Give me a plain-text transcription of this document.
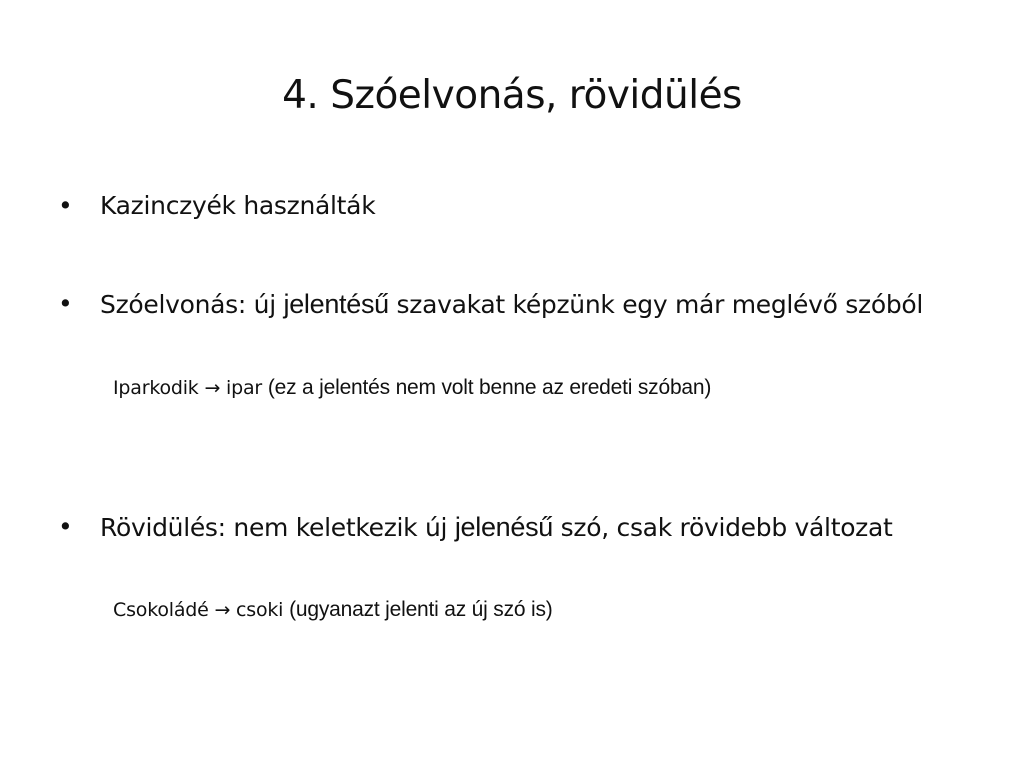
4. Szóelvonás, rövidülés
•	Kazinczyék használták
•	Szóelvonás: új jelentésű szavakat képzünk egy már meglévő szóból
Iparkodik → ipar (ez a jelentés nem volt benne az eredeti szóban)
•	Rövidülés: nem keletkezik új jelenésű szó, csak rövidebb változat
Csokoládé → csoki (ugyanazt jelenti az új szó is)
